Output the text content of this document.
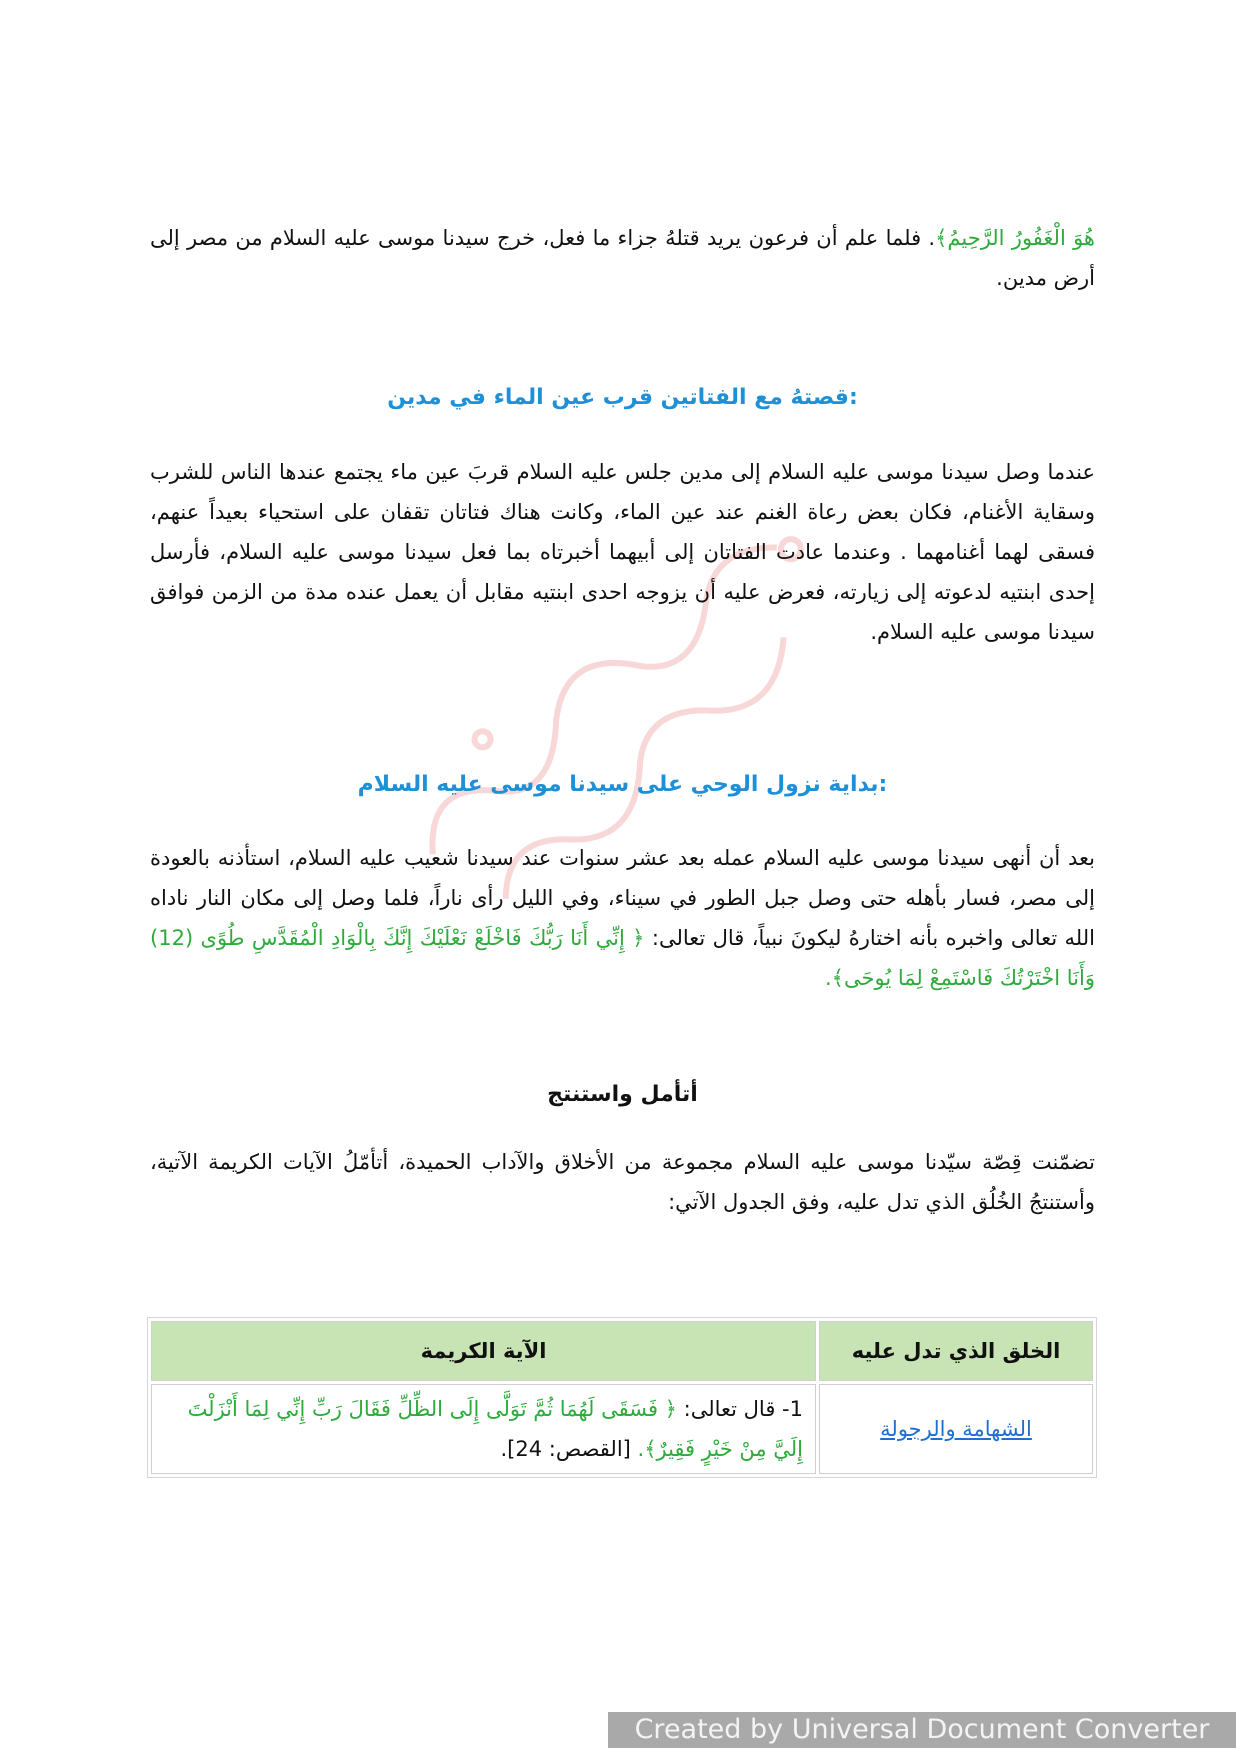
هُوَ الْغَفُورُ الرَّحِيمُ﴾. فلما علم أن فرعون يريد قتلهُ جزاء ما فعل، خرج سيدنا موسى عليه السلام من مصر إلى أرض مدين.
قصتهُ مع الفتاتين قرب عين الماء في مدين:
عندما وصل سيدنا موسى عليه السلام إلى مدين جلس عليه السلام قربَ عين ماء يجتمع عندها الناس للشرب وسقاية الأغنام، فكان بعض رعاة الغنم عند عين الماء، وكانت هناك فتاتان تقفان على استحياء بعيداً عنهم، فسقى لهما أغنامهما . وعندما عادت الفتاتان إلى أبيهما أخبرتاه بما فعل سيدنا موسى عليه السلام، فأرسل إحدى ابنتيه لدعوته إلى زيارته، فعرض عليه أن يزوجه احدى ابنتيه مقابل أن يعمل عنده مدة من الزمن فوافق سيدنا موسى عليه السلام.
بداية نزول الوحي على سيدنا موسى عليه السلام:
بعد أن أنهى سيدنا موسى عليه السلام عمله بعد عشر سنوات عند سيدنا شعيب عليه السلام، استأذنه بالعودة إلى مصر، فسار بأهله حتى وصل جبل الطور في سيناء، وفي الليل رأى ناراً، فلما وصل إلى مكان النار ناداه الله تعالى واخبره بأنه اختارهُ ليكونَ نبياً، قال تعالى: ﴿ إِنِّي أَنَا رَبُّكَ فَاخْلَعْ نَعْلَيْكَ إِنَّكَ بِالْوَادِ الْمُقَدَّسِ طُوًى (12) وَأَنَا اخْتَرْتُكَ فَاسْتَمِعْ لِمَا يُوحَى﴾.
أتأمل واستنتج
تضمّنت قِصّة سيّدنا موسى عليه السلام مجموعة من الأخلاق والآداب الحميدة، أتأمّلُ الآيات الكريمة الآتية، وأستنتجُ الخُلُق الذي تدل عليه، وفق الجدول الآتي:
الخلق الذي تدل عليه	الآية الكريمة
الشهامة والرجولة	1- قال تعالى: ﴿ فَسَقَى لَهُمَا ثُمَّ تَوَلَّى إِلَى الظِّلِّ فَقَالَ رَبِّ إِنِّي لِمَا أَنْزَلْتَ إِلَيَّ مِنْ خَيْرٍ فَقِيرٌ﴾. [القصص: 24].
Created by Universal Document Converter
